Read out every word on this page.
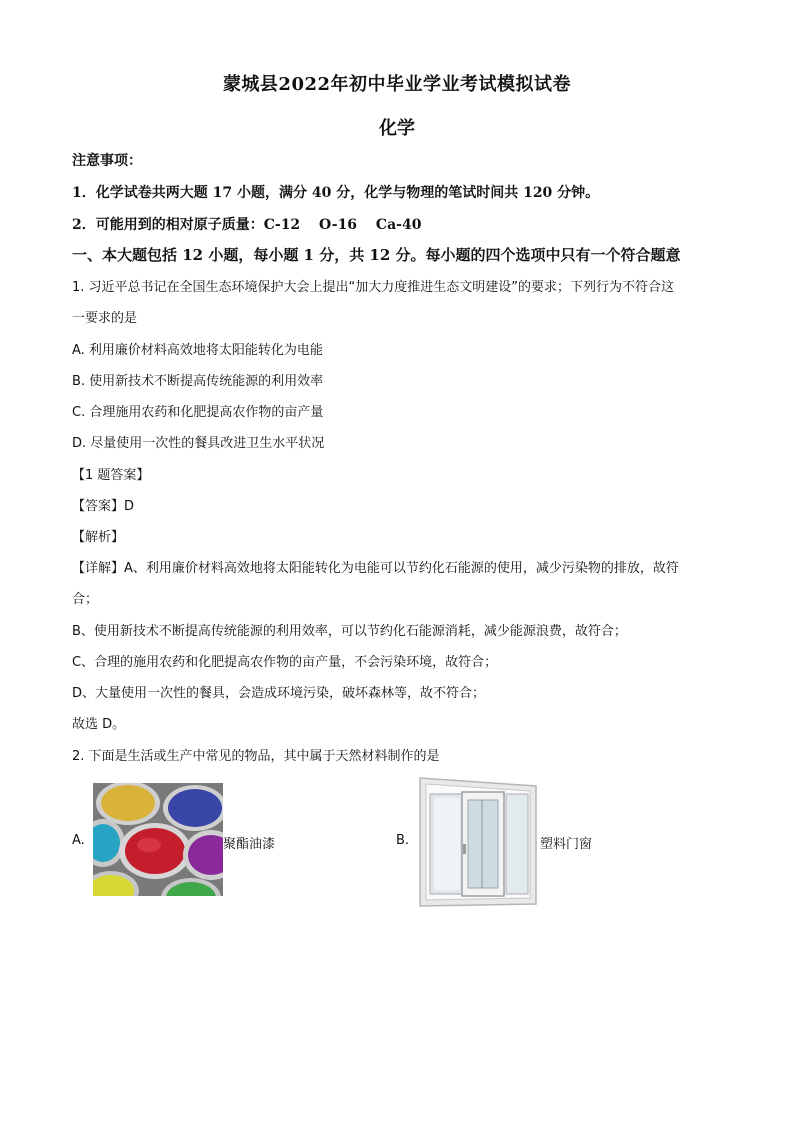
蒙城县2022年初中毕业学业考试模拟试卷
化学
注意事项：
1．化学试卷共两大题 17 小题，满分 40 分，化学与物理的笔试时间共 120 分钟。
2．可能用到的相对原子质量：C-12　 O-16　 Ca-40
一、本大题包括 12 小题，每小题 1 分，共 12 分。每小题的四个选项中只有一个符合题意
1. 习近平总书记在全国生态环境保护大会上提出“加大力度推进生态文明建设”的要求；下列行为不符合这
一要求的是
A. 利用廉价材料高效地将太阳能转化为电能
B. 使用新技术不断提高传统能源的利用效率
C. 合理施用农药和化肥提高农作物的亩产量
D. 尽量使用一次性的餐具改进卫生水平状况
【1 题答案】
【答案】D
【解析】
【详解】A、利用廉价材料高效地将太阳能转化为电能可以节约化石能源的使用，减少污染物的排放，故符
合；
B、使用新技术不断提高传统能源的利用效率，可以节约化石能源消耗，减少能源浪费，故符合；
C、合理的施用农药和化肥提高农作物的亩产量，不会污染环境，故符合；
D、大量使用一次性的餐具，会造成环境污染，破坏森林等，故不符合；
故选 D。
2. 下面是生活或生产中常见的物品，其中属于天然材料制作的是
A.	聚酯油漆	B.	塑料门窗
